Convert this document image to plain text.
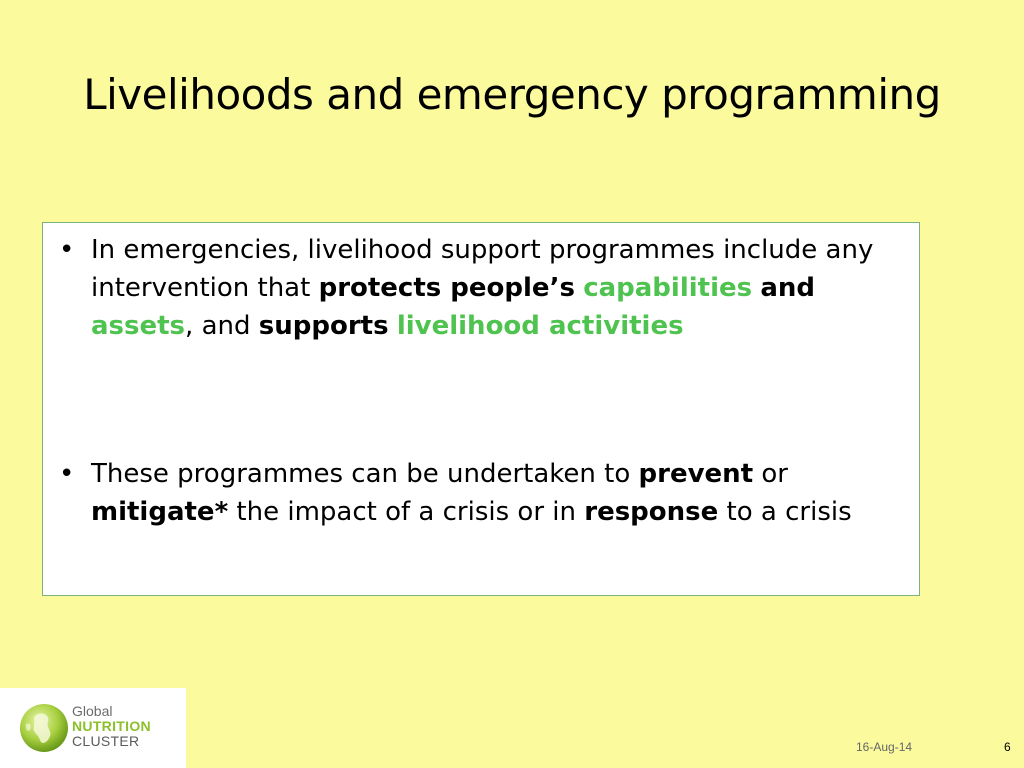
Livelihoods and emergency programming
• In emergencies, livelihood support programmes include any intervention that protects people’s capabilities and assets, and supports livelihood activities
• These programmes can be undertaken to prevent or mitigate* the impact of a crisis or in response to a crisis
Global
NUTRITION
CLUSTER	16-Aug-14	6
